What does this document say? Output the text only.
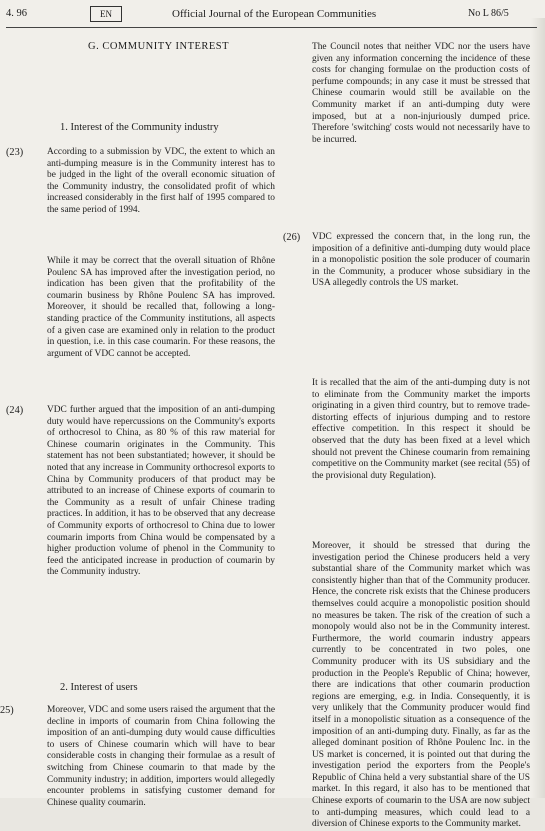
4. 96	EN	Official Journal of the European Communities	No L 86/5
G. COMMUNITY INTEREST
1. Interest of the Community industry
(23)	According to a submission by VDC, the extent to which an anti-dumping measure is in the Community interest has to be judged in the light of the overall economic situation of the Community industry, the consolidated profit of which increased considerably in the first half of 1995 compared to the same period of 1994.

While it may be correct that the overall situation of Rhône Poulenc SA has improved after the investigation period, no indication has been given that the profitability of the coumarin business by Rhône Poulenc SA has improved. Moreover, it should be recalled that, following a long-standing practice of the Community institutions, all aspects of a given case are examined only in relation to the product in question, i.e. in this case coumarin. For these reasons, the argument of VDC cannot be accepted.

(24)	VDC further argued that the imposition of an anti-dumping duty would have repercussions on the Community's exports of orthocresol to China, as 80 % of this raw material for Chinese coumarin originates in the Community. This statement has not been substantiated; however, it should be noted that any increase in Community orthocresol exports to China by Community producers of that product may be attributed to an increase of Chinese exports of coumarin to the Community as a result of unfair Chinese trading practices. In addition, it has to be observed that any decrease of Community exports of orthocresol to China due to lower coumarin imports from China would be compensated by a higher production volume of phenol in the Community to feed the anticipated increase in production of coumarin by the Community industry.

2. Interest of users
25)	Moreover, VDC and some users raised the argument that the decline in imports of coumarin from China following the imposition of an anti-dumping duty would cause difficulties to users of Chinese coumarin which will have to bear considerable costs in changing their formulae as a result of switching from Chinese coumarin to that made by the Community industry; in addition, importers would allegedly encounter problems in satisfying customer demand for Chinese quality coumarin.

The Council notes that neither VDC nor the users have given any information concerning the incidence of these costs for changing formulae on the production costs of perfume compounds; in any case it must be stressed that Chinese coumarin would still be available on the Community market if an anti-dumping duty were imposed, but at a non-injuriously dumped price. Therefore 'switching' costs would not necessarily have to be incurred.

(26) VDC expressed the concern that, in the long run, the imposition of a definitive anti-dumping duty would place in a monopolistic position the sole producer of coumarin in the Community, a producer whose subsidiary in the USA allegedly controls the US market.

It is recalled that the aim of the anti-dumping duty is not to eliminate from the Community market the imports originating in a given third country, but to remove trade-distorting effects of injurious dumping and to restore effective competition. In this respect it should be observed that the duty has been fixed at a level which should not prevent the Chinese coumarin from remaining competitive on the Community market (see recital (55) of the provisional duty Regulation).

Moreover, it should be stressed that during the investigation period the Chinese producers held a very substantial share of the Community market which was consistently higher than that of the Community producer. Hence, the concrete risk exists that the Chinese producers themselves could acquire a monopolistic position should no measures be taken. The risk of the creation of such a monopoly would also not be in the Community interest. Furthermore, the world coumarin industry appears currently to be concentrated in two poles, one Community producer with its US subsidiary and the production in the People's Republic of China; however, there are indications that other coumarin production regions are emerging, e.g. in India. Consequently, it is very unlikely that the Community producer would find itself in a monopolistic situation as a consequence of the imposition of an anti-dumping duty. Finally, as far as the alleged dominant position of Rhône Poulenc Inc. in the US market is concerned, it is pointed out that during the investigation period the exporters from the People's Republic of China held a very substantial share of the US market. In this regard, it also has to be mentioned that Chinese exports of coumarin to the USA are now subject to anti-dumping measures, which could lead to a diversion of Chinese exports to the Community market.
